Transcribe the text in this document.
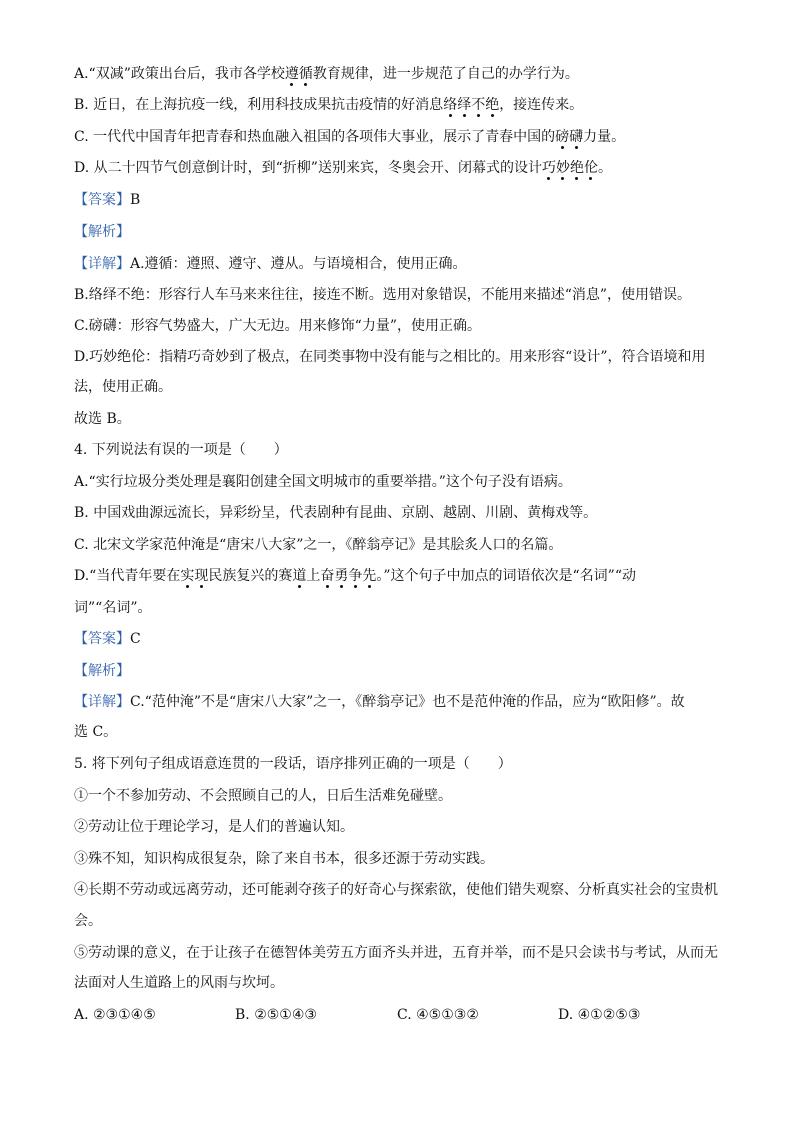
A.“双减”政策出台后，我市各学校遵循教育规律，进一步规范了自己的办学行为。
B. 近日，在上海抗疫一线，利用科技成果抗击疫情的好消息络绎不绝，接连传来。
C. 一代代中国青年把青春和热血融入祖国的各项伟大事业，展示了青春中国的磅礴力量。
D. 从二十四节气创意倒计时，到“折柳”送别来宾，冬奥会开、闭幕式的设计巧妙绝伦。
【答案】B
【解析】
【详解】A.遵循：遵照、遵守、遵从。与语境相合，使用正确。
B.络绎不绝：形容行人车马来来往往，接连不断。选用对象错误，不能用来描述“消息”，使用错误。
C.磅礴：形容气势盛大，广大无边。用来修饰“力量”，使用正确。
D.巧妙绝伦：指精巧奇妙到了极点，在同类事物中没有能与之相比的。用来形容“设计”，符合语境和用
法，使用正确。
故选 B。
4. 下列说法有误的一项是（　　）
A.“实行垃圾分类处理是襄阳创建全国文明城市的重要举措。”这个句子没有语病。
B. 中国戏曲源远流长，异彩纷呈，代表剧种有昆曲、京剧、越剧、川剧、黄梅戏等。
C. 北宋文学家范仲淹是“唐宋八大家”之一，《醉翁亭记》是其脍炙人口的名篇。
D.“当代青年要在实现民族复兴的赛道上奋勇争先。”这个句子中加点的词语依次是“名词”“动
词”“名词”。
【答案】C
【解析】
【详解】C.“范仲淹”不是“唐宋八大家”之一，《醉翁亭记》也不是范仲淹的作品，应为“欧阳修”。故
选 C。
5. 将下列句子组成语意连贯的一段话，语序排列正确的一项是（　　）
①一个不参加劳动、不会照顾自己的人，日后生活难免碰壁。
②劳动让位于理论学习，是人们的普遍认知。
③殊不知，知识构成很复杂，除了来自书本，很多还源于劳动实践。
④长期不劳动或远离劳动，还可能剥夺孩子的好奇心与探索欲，使他们错失观察、分析真实社会的宝贵机
会。
⑤劳动课的意义，在于让孩子在德智体美劳五方面齐头并进，五育并举，而不是只会读书与考试，从而无
法面对人生道路上的风雨与坎坷。
A. ②③①④⑤	B. ②⑤①④③	C. ④⑤①③②	D. ④①②⑤③
